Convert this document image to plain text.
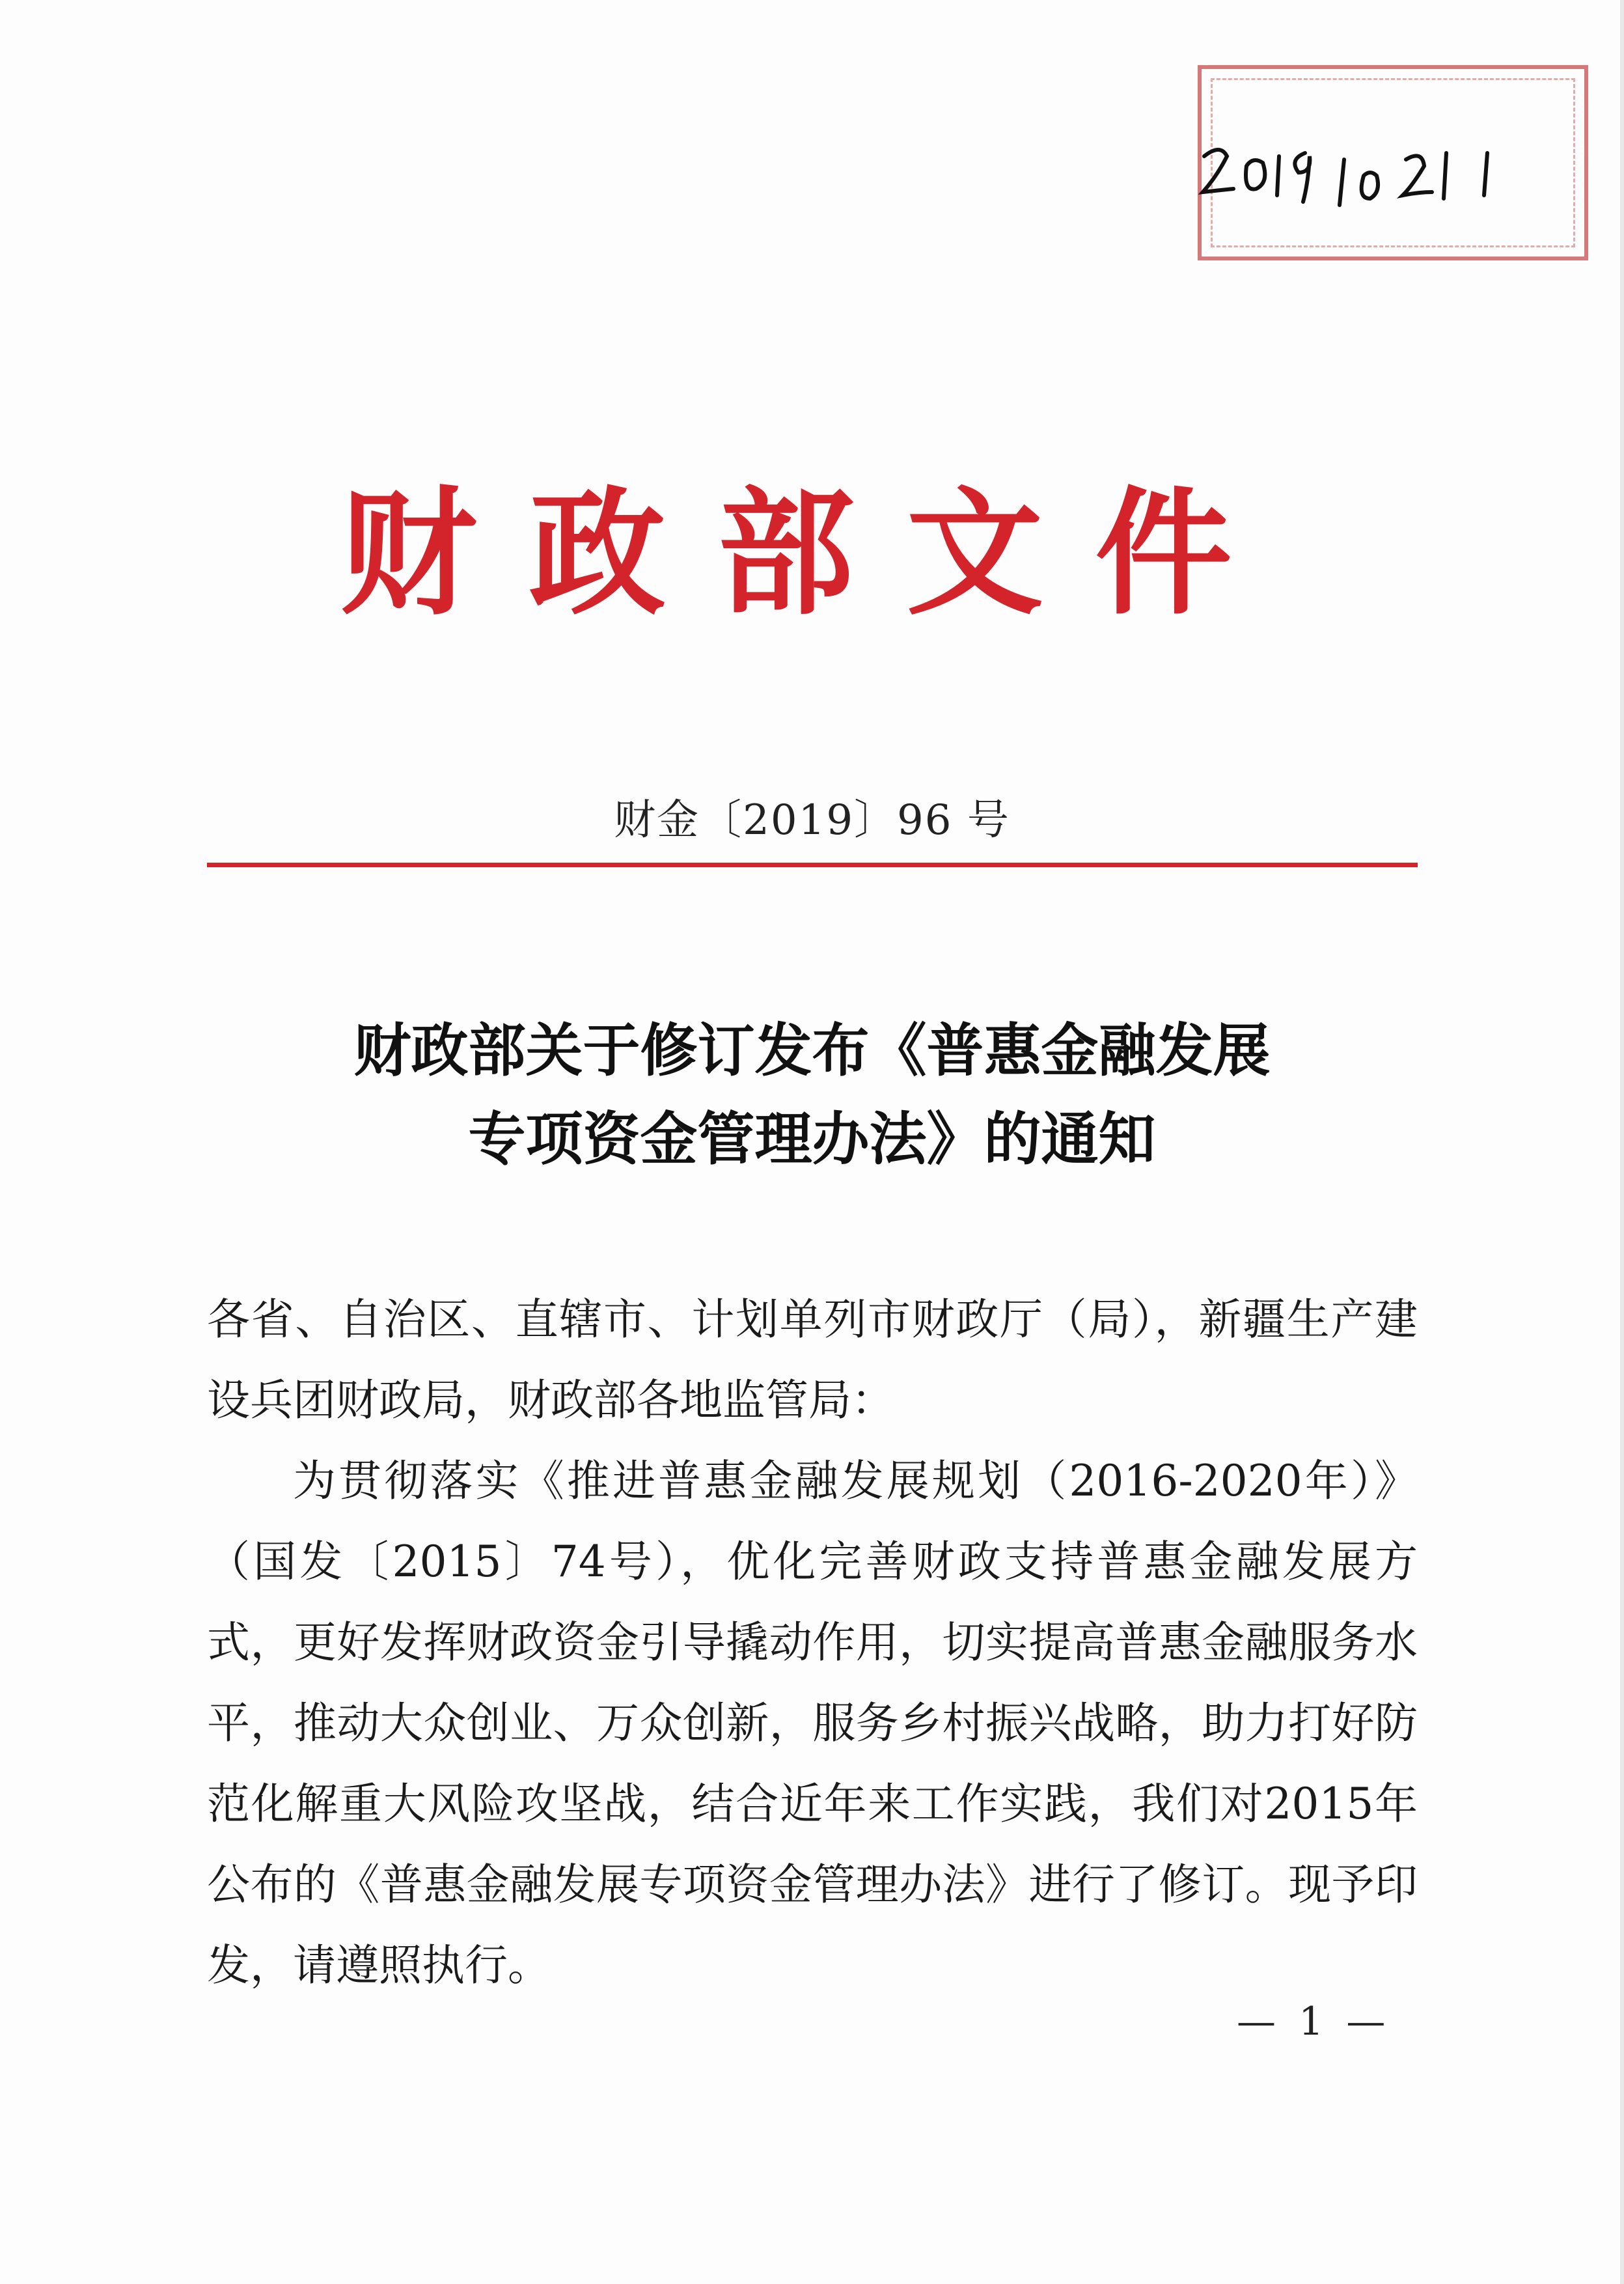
财政部文件
财金〔2019〕96 号
财政部关于修订发布《普惠金融发展
专项资金管理办法》的通知

各省、自治区、直辖市、计划单列市财政厅（局），新疆生产建设兵团财政局，财政部各地监管局：

为贯彻落实《推进普惠金融发展规划（2016-2020年）》（国发〔2015〕74号），优化完善财政支持普惠金融发展方式，更好发挥财政资金引导撬动作用，切实提高普惠金融服务水平，推动大众创业、万众创新，服务乡村振兴战略，助力打好防范化解重大风险攻坚战，结合近年来工作实践，我们对2015年公布的《普惠金融发展专项资金管理办法》进行了修订。现予印发，请遵照执行。

— 1 —
